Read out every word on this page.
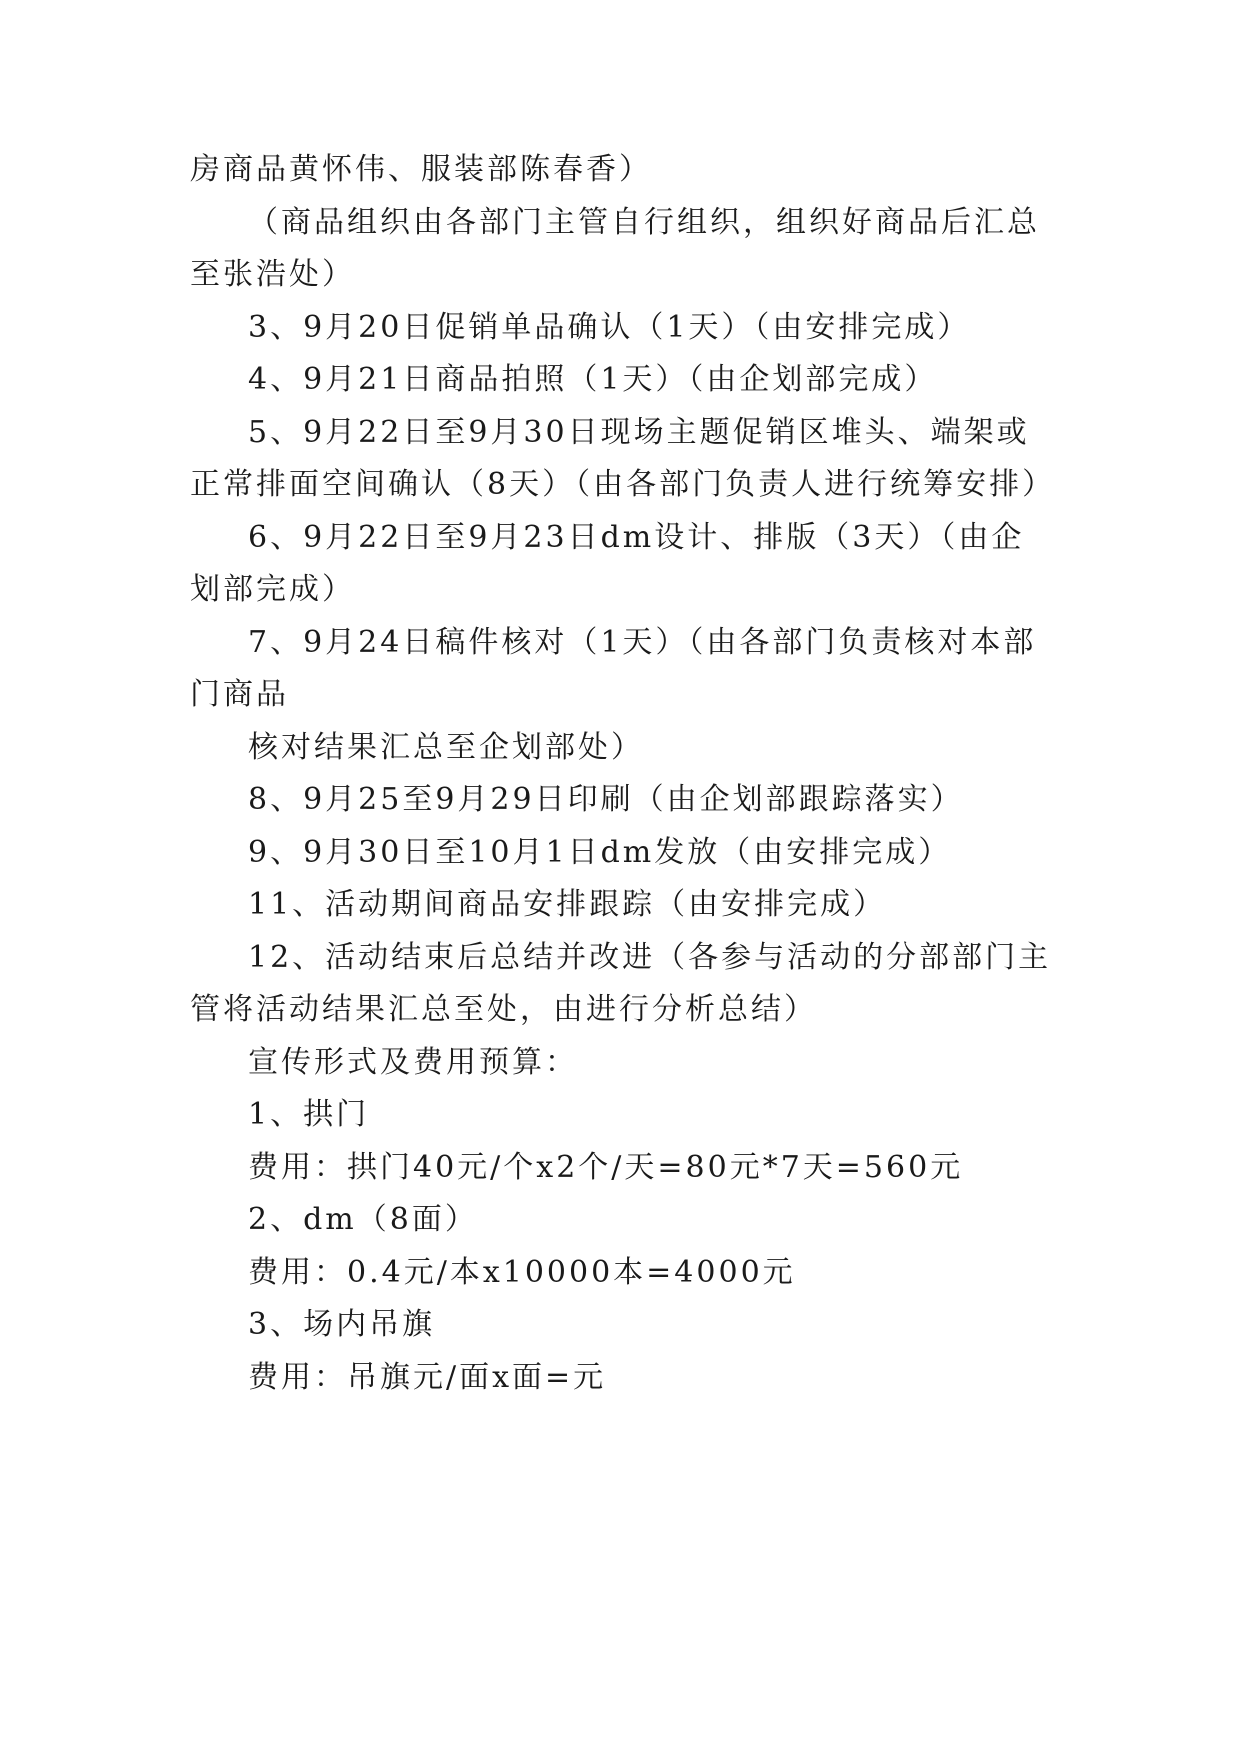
房商品黄怀伟、服装部陈春香）
（商品组织由各部门主管自行组织，组织好商品后汇总
至张浩处）
3、9月20日促销单品确认（1天）（由安排完成）
4、9月21日商品拍照（1天）（由企划部完成）
5、9月22日至9月30日现场主题促销区堆头、端架或
正常排面空间确认（8天）（由各部门负责人进行统筹安排）
6、9月22日至9月23日dm设计、排版（3天）（由企
划部完成）
7、9月24日稿件核对（1天）（由各部门负责核对本部
门商品
核对结果汇总至企划部处）
8、9月25至9月29日印刷（由企划部跟踪落实）
9、9月30日至10月1日dm发放（由安排完成）
11、活动期间商品安排跟踪（由安排完成）
12、活动结束后总结并改进（各参与活动的分部部门主
管将活动结果汇总至处，由进行分析总结）
宣传形式及费用预算：
1、拱门
费用：拱门40元/个x2个/天=80元*7天=560元
2、dm（8面）
费用：0.4元/本x10000本=4000元
3、场内吊旗
费用：吊旗元/面x面=元
